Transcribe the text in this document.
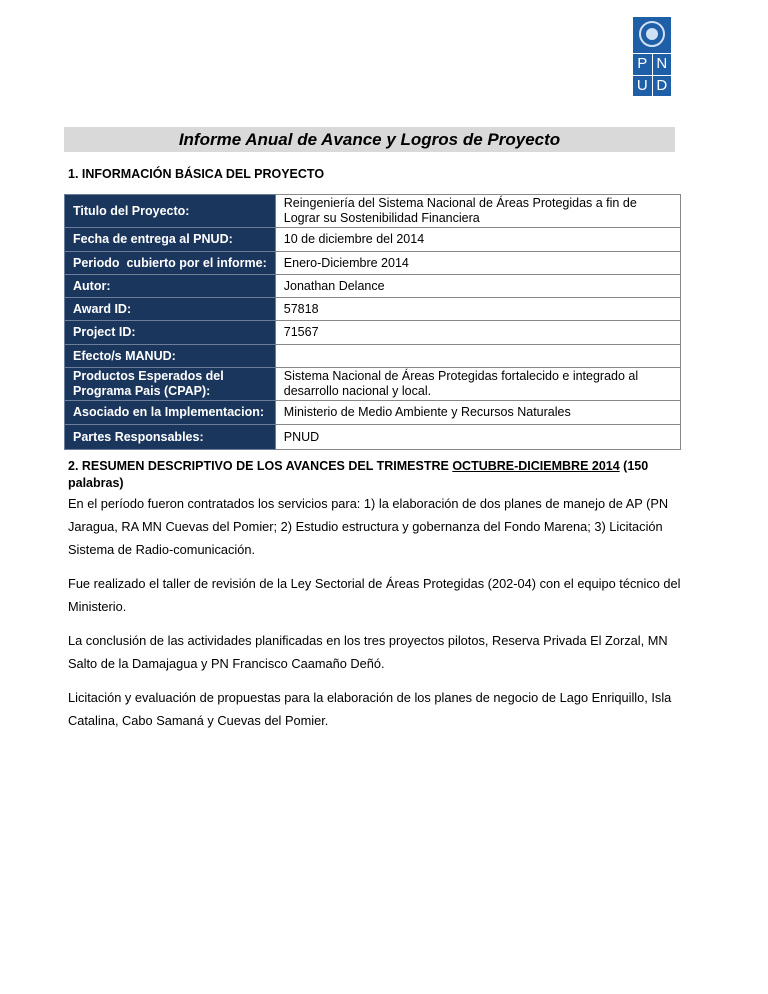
P N
U D
Informe Anual de Avance y Logros de Proyecto
1. INFORMACIÓN BÁSICA DEL PROYECTO
Titulo del Proyecto:	Reingeniería del Sistema Nacional de Áreas Protegidas a fin de Lograr su Sostenibilidad Financiera
Fecha de entrega al PNUD:	10 de diciembre del 2014
Periodo  cubierto por el informe:	Enero-Diciembre 2014
Autor:	Jonathan Delance
Award ID:	57818
Project ID:	71567
Efecto/s MANUD:	
Productos Esperados del Programa Pais (CPAP):	Sistema Nacional de Áreas Protegidas fortalecido e integrado al desarrollo nacional y local.
Asociado en la Implementacion:	Ministerio de Medio Ambiente y Recursos Naturales
Partes Responsables:	PNUD
2. RESUMEN DESCRIPTIVO DE LOS AVANCES DEL TRIMESTRE OCTUBRE-DICIEMBRE 2014 (150 palabras)

En el período fueron contratados los servicios para: 1) la elaboración de dos planes de manejo de AP (PN Jaragua, RA MN Cuevas del Pomier; 2) Estudio estructura y gobernanza del Fondo Marena; 3) Licitación Sistema de Radio-comunicación.

Fue realizado el taller de revisión de la Ley Sectorial de Áreas Protegidas (202-04) con el equipo técnico del Ministerio.

La conclusión de las actividades planificadas en los tres proyectos pilotos, Reserva Privada El Zorzal, MN Salto de la Damajagua y PN Francisco Caamaño Deñó.

Licitación y evaluación de propuestas para la elaboración de los planes de negocio de Lago Enriquillo, Isla Catalina, Cabo Samaná y Cuevas del Pomier.
